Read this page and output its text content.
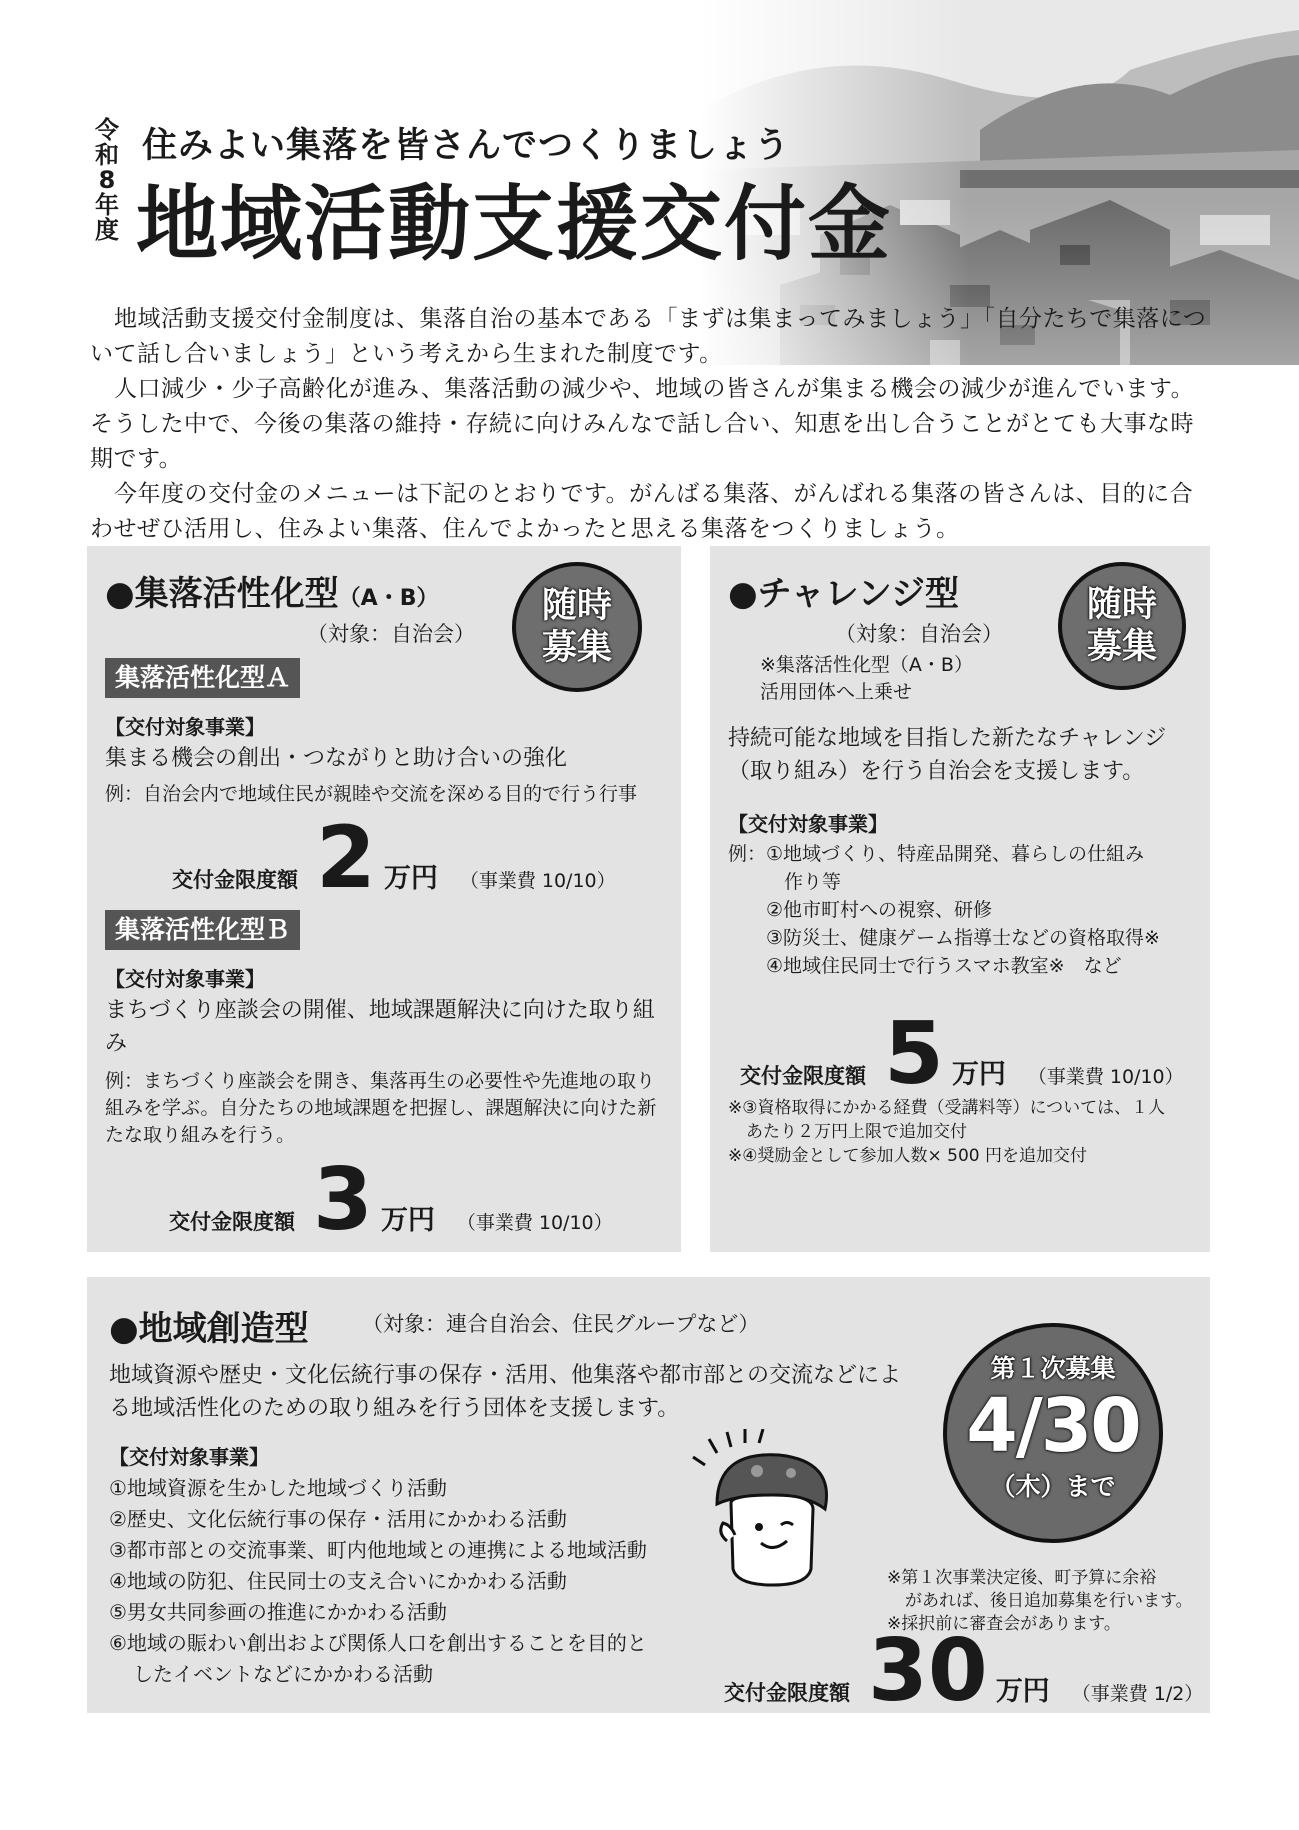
令和8年度
住みよい集落を皆さんでつくりましょう
地域活動支援交付金

地域活動支援交付金制度は、集落自治の基本である「まずは集まってみましょう」「自分たちで集落について話し合いましょう」という考えから生まれた制度です。

人口減少・少子高齢化が進み、集落活動の減少や、地域の皆さんが集まる機会の減少が進んでいます。そうした中で、今後の集落の維持・存続に向けみんなで話し合い、知恵を出し合うことがとても大事な時期です。

今年度の交付金のメニューは下記のとおりです。がんばる集落、がんばれる集落の皆さんは、目的に合わせぜひ活用し、住みよい集落、住んでよかったと思える集落をつくりましょう。

●集落活性化型（A・B）
（対象：自治会）
随時
募集
集落活性化型Ａ
【交付対象事業】
集まる機会の創出・つながりと助け合いの強化
例：自治会内で地域住民が親睦や交流を深める目的で行う行事
交付金限度額 2 万円 （事業費 10/10）
集落活性化型Ｂ
【交付対象事業】
まちづくり座談会の開催、地域課題解決に向けた取り組み
例：まちづくり座談会を開き、集落再生の必要性や先進地の取り組みを学ぶ。自分たちの地域課題を把握し、課題解決に向けた新たな取り組みを行う。
交付金限度額 3 万円 （事業費 10/10）
●チャレンジ型
（対象：自治会）
※集落活性化型（A・B）
活用団体へ上乗せ
随時
募集
持続可能な地域を目指した新たなチャレンジ（取り組み）を行う自治会を支援します。
【交付対象事業】
例：①地域づくり、特産品開発、暮らしの仕組み
作り等
②他市町村への視察、研修
③防災士、健康ゲーム指導士などの資格取得※
④地域住民同士で行うスマホ教室※　など
交付金限度額 5 万円 （事業費 10/10）
※③資格取得にかかる経費（受講料等）については、１人
あたり２万円上限で追加交付
※④奨励金として参加人数× 500 円を追加交付
●地域創造型	（対象：連合自治会、住民グループなど）
地域資源や歴史・文化伝統行事の保存・活用、他集落や都市部との交流などによる地域活性化のための取り組みを行う団体を支援します。
【交付対象事業】
①地域資源を生かした地域づくり活動
②歴史、文化伝統行事の保存・活用にかかわる活動
③都市部との交流事業、町内他地域との連携による地域活動
④地域の防犯、住民同士の支え合いにかかわる活動
⑤男女共同参画の推進にかかわる活動
⑥地域の賑わい創出および関係人口を創出することを目的と
したイベントなどにかかわる活動
第１次募集
4/30
（木）まで
※第１次事業決定後、町予算に余裕
があれば、後日追加募集を行います。
※採択前に審査会があります。
交付金限度額 30 万円 （事業費 1/2）
